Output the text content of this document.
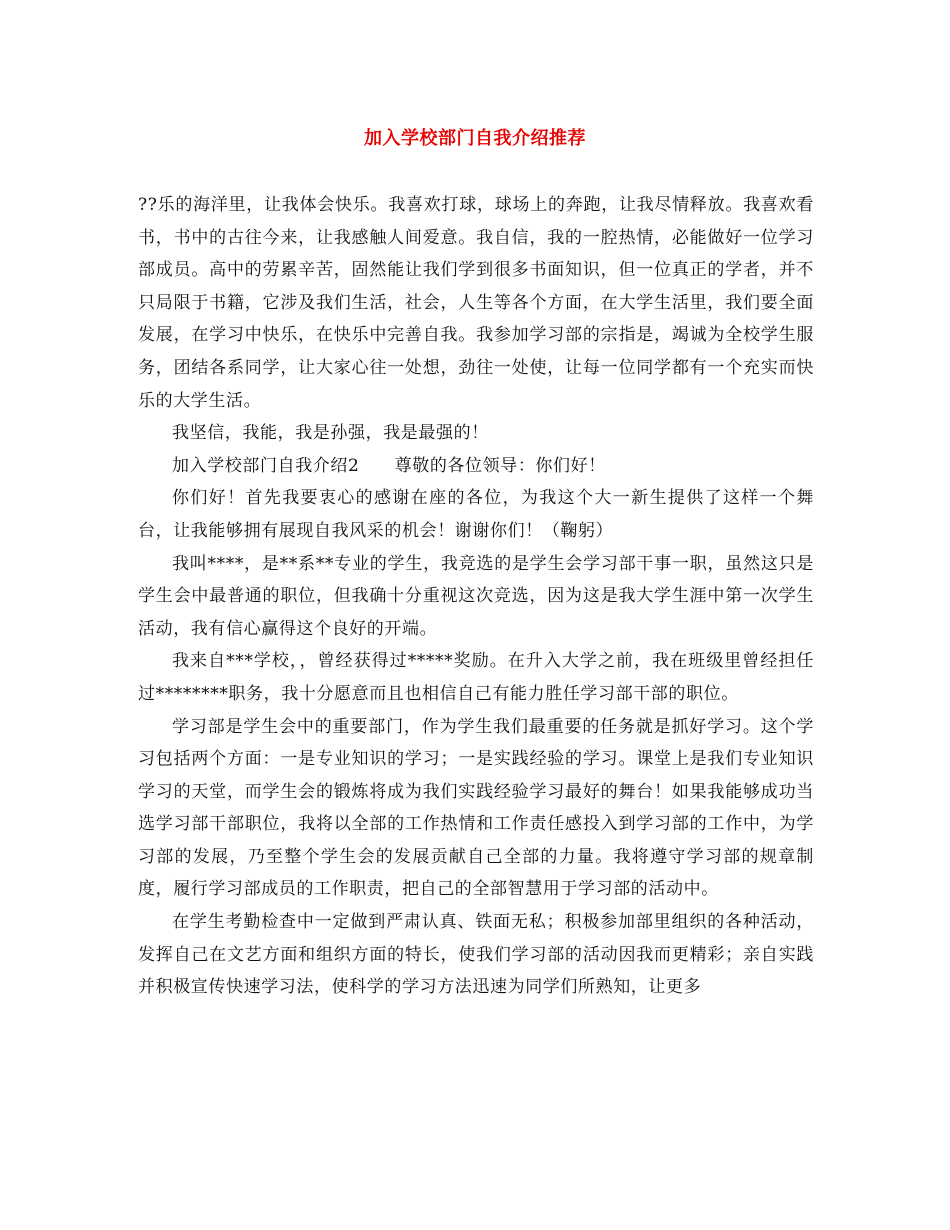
加入学校部门自我介绍推荐

??乐的海洋里，让我体会快乐。我喜欢打球，球场上的奔跑，让我尽情释放。我喜欢看书，书中的古往今来，让我感触人间爱意。我自信，我的一腔热情，必能做好一位学习部成员。高中的劳累辛苦，固然能让我们学到很多书面知识，但一位真正的学者，并不只局限于书籍，它涉及我们生活，社会，人生等各个方面，在大学生活里，我们要全面发展，在学习中快乐，在快乐中完善自我。我参加学习部的宗指是，竭诚为全校学生服务，团结各系同学，让大家心往一处想，劲往一处使，让每一位同学都有一个充实而快乐的大学生活。

我坚信，我能，我是孙强，我是最强的！

加入学校部门自我介绍2　　尊敬的各位领导：你们好！

你们好！首先我要衷心的感谢在座的各位，为我这个大一新生提供了这样一个舞台，让我能够拥有展现自我风采的机会！谢谢你们！（鞠躬）

我叫****，是**系**专业的学生，我竞选的是学生会学习部干事一职，虽然这只是学生会中最普通的职位，但我确十分重视这次竞选，因为这是我大学生涯中第一次学生活动，我有信心赢得这个良好的开端。

我来自***学校，，曾经获得过*****奖励。在升入大学之前，我在班级里曾经担任过********职务，我十分愿意而且也相信自己有能力胜任学习部干部的职位。

学习部是学生会中的重要部门，作为学生我们最重要的任务就是抓好学习。这个学习包括两个方面：一是专业知识的学习；一是实践经验的学习。课堂上是我们专业知识学习的天堂，而学生会的锻炼将成为我们实践经验学习最好的舞台！如果我能够成功当选学习部干部职位，我将以全部的工作热情和工作责任感投入到学习部的工作中，为学习部的发展，乃至整个学生会的发展贡献自己全部的力量。我将遵守学习部的规章制度，履行学习部成员的工作职责，把自己的全部智慧用于学习部的活动中。

在学生考勤检查中一定做到严肃认真、铁面无私；积极参加部里组织的各种活动，发挥自己在文艺方面和组织方面的特长，使我们学习部的活动因我而更精彩；亲自实践并积极宣传快速学习法，使科学的学习方法迅速为同学们所熟知，让更多
